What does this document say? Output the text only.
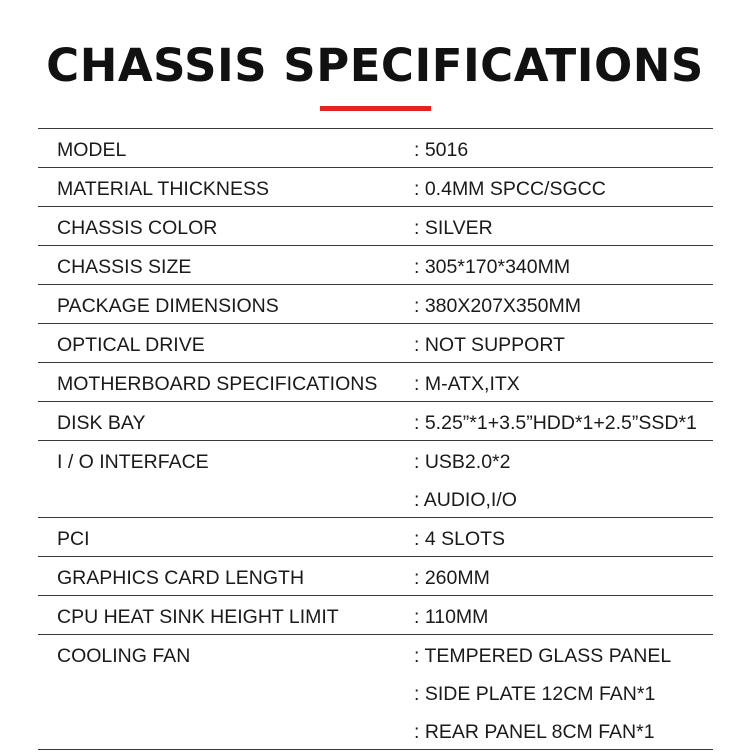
CHASSIS SPECIFICATIONS
MODEL	: 5016
MATERIAL THICKNESS	: 0.4MM SPCC/SGCC
CHASSIS COLOR	: SILVER
CHASSIS SIZE	: 305*170*340MM
PACKAGE DIMENSIONS	: 380X207X350MM
OPTICAL DRIVE	: NOT SUPPORT
MOTHERBOARD SPECIFICATIONS : M-ATX,ITX
DISK BAY	: 5.25”*1+3.5”HDD*1+2.5”SSD*1
I / O INTERFACE	: USB2.0*2
: AUDIO,I/O
PCI	: 4 SLOTS
GRAPHICS CARD LENGTH	: 260MM
CPU HEAT SINK HEIGHT LIMIT	: 110MM
COOLING FAN	: TEMPERED GLASS PANEL
: SIDE PLATE 12CM FAN*1
: REAR PANEL 8CM FAN*1
